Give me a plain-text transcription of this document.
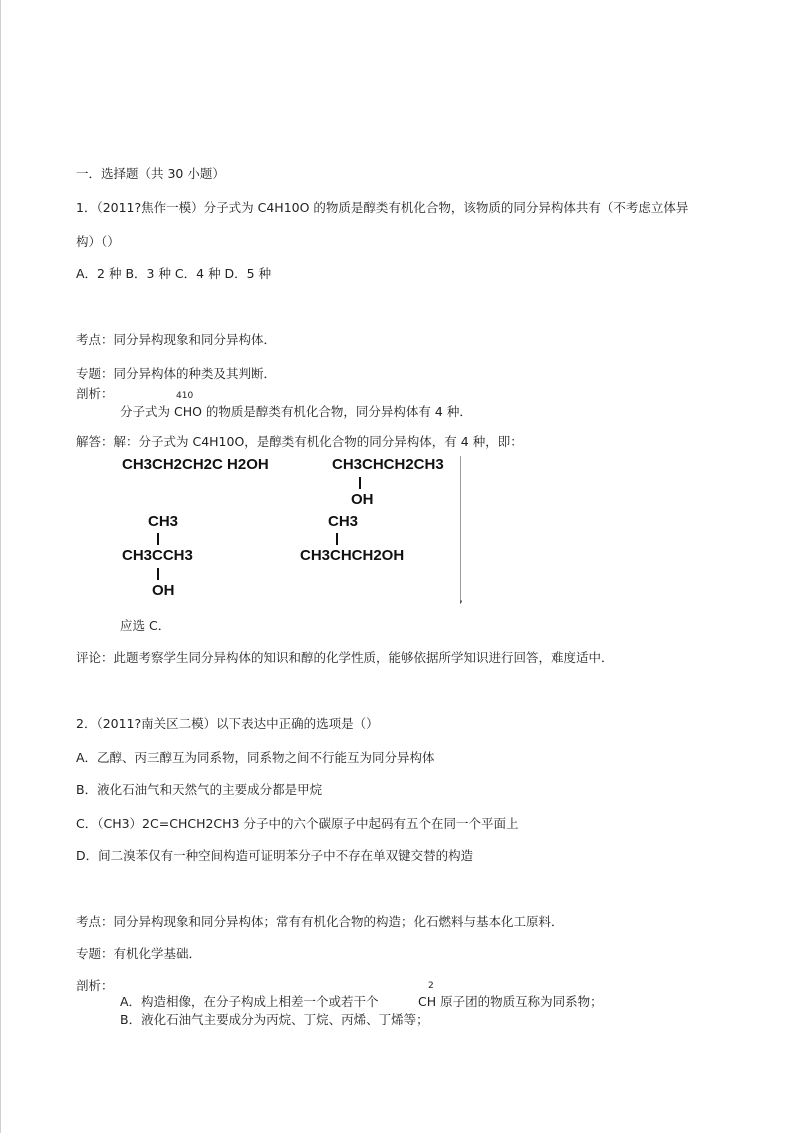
一．选择题（共 30 小题）
1．（2011?焦作一模）分子式为 C4H10O 的物质是醇类有机化合物，该物质的同分异构体共有（不考虑立体异
构）（）
A．2 种 B．3 种 C．4 种 D．5 种
考点：同分异构现象和同分异构体．
专题：同分异构体的种类及其判断．
剖析：	410
分子式为 CHO 的物质是醇类有机化合物，同分异构体有 4 种．
解答：解：分子式为 C4H10O，是醇类有机化合物的同分异构体，有 4 种，即：
CH3CH2CH2C H2OH	CH3CHCH2CH3
OH
CH3
CH3CCH3
OH
CH3
CH3CHCH2OH
,
应选 C．
评论：此题考察学生同分异构体的知识和醇的化学性质，能够依据所学知识进行回答，难度适中．
2．（2011?南关区二模）以下表达中正确的选项是（）
A．乙醇、丙三醇互为同系物，同系物之间不行能互为同分异构体
B．液化石油气和天然气的主要成分都是甲烷
C．（CH3）2C=CHCH2CH3 分子中的六个碳原子中起码有五个在同一个平面上
D．间二溴苯仅有一种空间构造可证明苯分子中不存在单双键交替的构造
考点：同分异构现象和同分异构体；常有有机化合物的构造；化石燃料与基本化工原料．
专题：有机化学基础．
剖析：
A．构造相像，在分子构成上相差一个或若干个
2
CH 原子团的物质互称为同系物；
B．液化石油气主要成分为丙烷、丁烷、丙烯、丁烯等；
